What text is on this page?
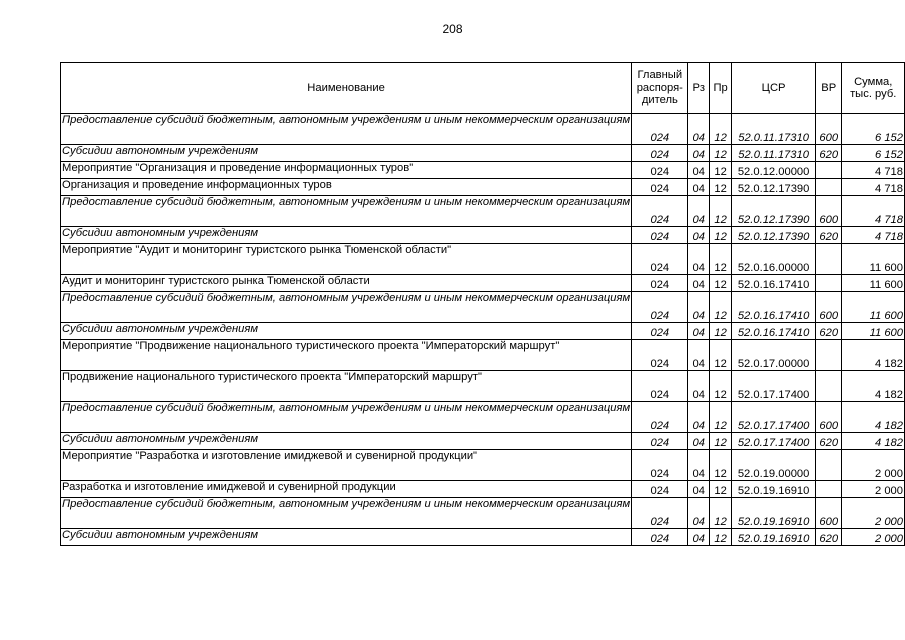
208
Наименование	Главный распоря-дитель	Рз	Пр	ЦСР	ВР	Сумма, тыс. руб.
Предоставление субсидий бюджетным, автономным учреждениям и иным некоммерческим организациям	024	04	12	52.0.11.17310	600	6 152
Субсидии автономным учреждениям	024	04	12	52.0.11.17310	620	6 152
Мероприятие "Организация и проведение информационных туров"	024	04	12	52.0.12.00000		4 718
Организация и проведение информационных туров	024	04	12	52.0.12.17390		4 718
Предоставление субсидий бюджетным, автономным учреждениям и иным некоммерческим организациям	024	04	12	52.0.12.17390	600	4 718
Субсидии автономным учреждениям	024	04	12	52.0.12.17390	620	4 718
Мероприятие "Аудит и мониторинг туристского рынка Тюменской области"	024	04	12	52.0.16.00000		11 600
Аудит и мониторинг туристского рынка Тюменской области	024	04	12	52.0.16.17410		11 600
Предоставление субсидий бюджетным, автономным учреждениям и иным некоммерческим организациям	024	04	12	52.0.16.17410	600	11 600
Субсидии автономным учреждениям	024	04	12	52.0.16.17410	620	11 600
Мероприятие "Продвижение национального туристического проекта "Императорский маршрут"	024	04	12	52.0.17.00000		4 182
Продвижение национального туристического проекта "Императорский маршрут"	024	04	12	52.0.17.17400		4 182
Предоставление субсидий бюджетным, автономным учреждениям и иным некоммерческим организациям	024	04	12	52.0.17.17400	600	4 182
Субсидии автономным учреждениям	024	04	12	52.0.17.17400	620	4 182
Мероприятие "Разработка и изготовление имиджевой и сувенирной продукции"	024	04	12	52.0.19.00000		2 000
Разработка и изготовление имиджевой и сувенирной продукции	024	04	12	52.0.19.16910		2 000
Предоставление субсидий бюджетным, автономным учреждениям и иным некоммерческим организациям	024	04	12	52.0.19.16910	600	2 000
Субсидии автономным учреждениям	024	04	12	52.0.19.16910	620	2 000
